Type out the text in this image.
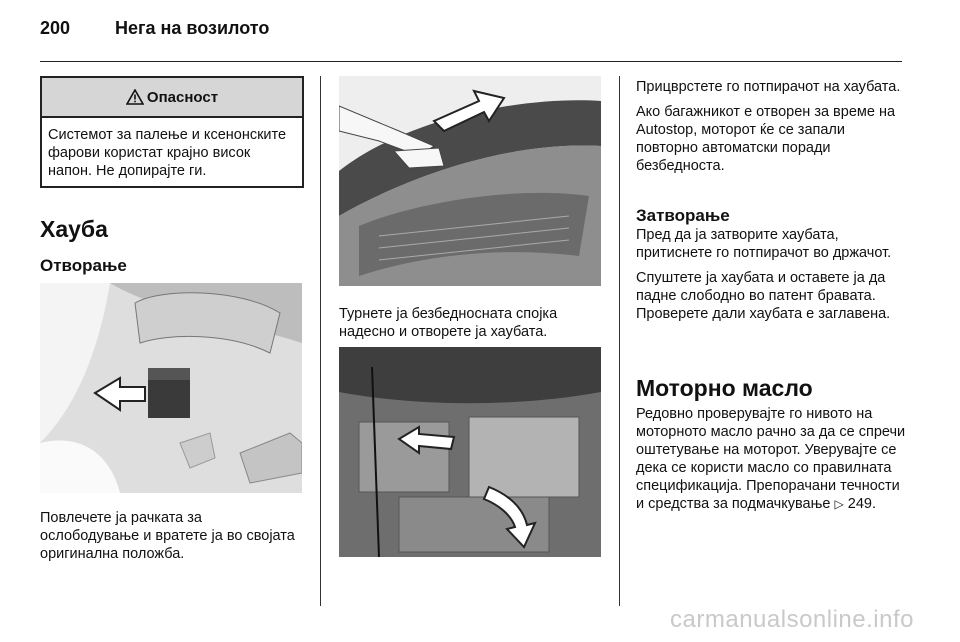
200 Нега на возилото
Опасност
Системот за палење и ксенонските фарови користат крајно висок напон. Не допирајте ги.
Хауба
Отворање
Повлечете ја рачката за ослободување и вратете ја во својата оригинална положба.
Турнете ја безбедносната спојка надесно и отворете ја хаубата.

Прицврстете го потпирачот на хаубата.

Ако багажникот е отворен за време на Autostop, моторот ќе се запали повторно автоматски поради безбедноста.

Затворање

Пред да ја затворите хаубата, притиснете го потпирачот во држачот.

Спуштете ја хаубата и оставете ја да падне слободно во патент бравата. Проверете дали хаубата е заглавена.

Моторно масло
Редовно проверувајте го нивото на моторното масло рачно за да се спречи оштетување на моторот. Уверувајте се дека се користи масло со правилната спецификација. Препорачани течности и средства за подмачкување ▷ 249.
carmanualsonline.info
